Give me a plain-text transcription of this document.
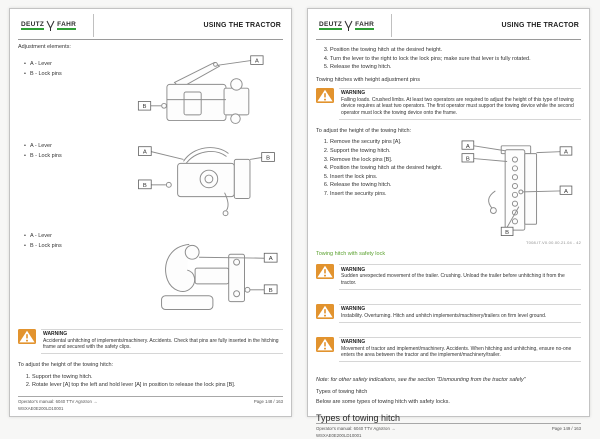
DEUTZ FAHR	USING THE TRACTOR
Adjustment elements:
• A - Lever
• B - Lock pins
A
B
• A - Lever
• B - Lock pins
A
B
B
• A - Lever
• B - Lock pins
A
B
WARNING
Accidental unhitching of implements/machinery. Accidents. Check that pins are fully inserted in the hitching frame and secured with the safety clips.
To adjust the height of the towing hitch:
1. Support the towing hitch.
2. Rotate lever [A] top the left and hold lever [A] in position to release the lock pins [B].
Operator's manual: 6040 TTV Agrotron →
WSXAE0E200LD10001
Page 148 / 163
DEUTZ FAHR	USING THE TRACTOR
3. Position the towing hitch at the desired height.
4. Turn the lever to the right to lock the lock pins; make sure that lever is fully rotated.
5. Release the towing hitch.
Towing hitches with height adjustment pins
WARNING
Falling loads. Crushed limbs. At least two operators are required to adjust the height of this type of towing device requires at least two operators. The first operator must support the towing device while the second operator must lock the towing device onto the frame.
To adjust the height of the towing hitch:
1. Remove the security pins [A].
2. Support the towing hitch.
3. Remove the lock pins [B].
4. Position the towing hitch at the desired height.
5. Insert the lock pins.
6. Release the towing hitch.
7. Insert the security pins.
A
B
A
A
B
T008.IT.V0.00.00.21.04 - 42
Towing hitch with safety lock
WARNING
Sudden unexpected movement of the trailer. Crushing. Unload the trailer before unhitching it from the tractor.
WARNING
Instability. Overturning. Hitch and unhitch implements/machinery/trailers on firm level ground.
WARNING
Movement of tractor and implement/machinery. Accidents. When hitching and unhitching, ensure no-one enters the area between the tractor and the implement/machinery/trailer.
Note: for other safety indications, see the section "Dismounting from the tractor safely"
Types of towing hitch
Below are some types of towing hitch with safety locks.
Types of towing hitch
Operator's manual: 6040 TTV Agrotron →
WSXAE0E200LD10001
Page 149 / 163
